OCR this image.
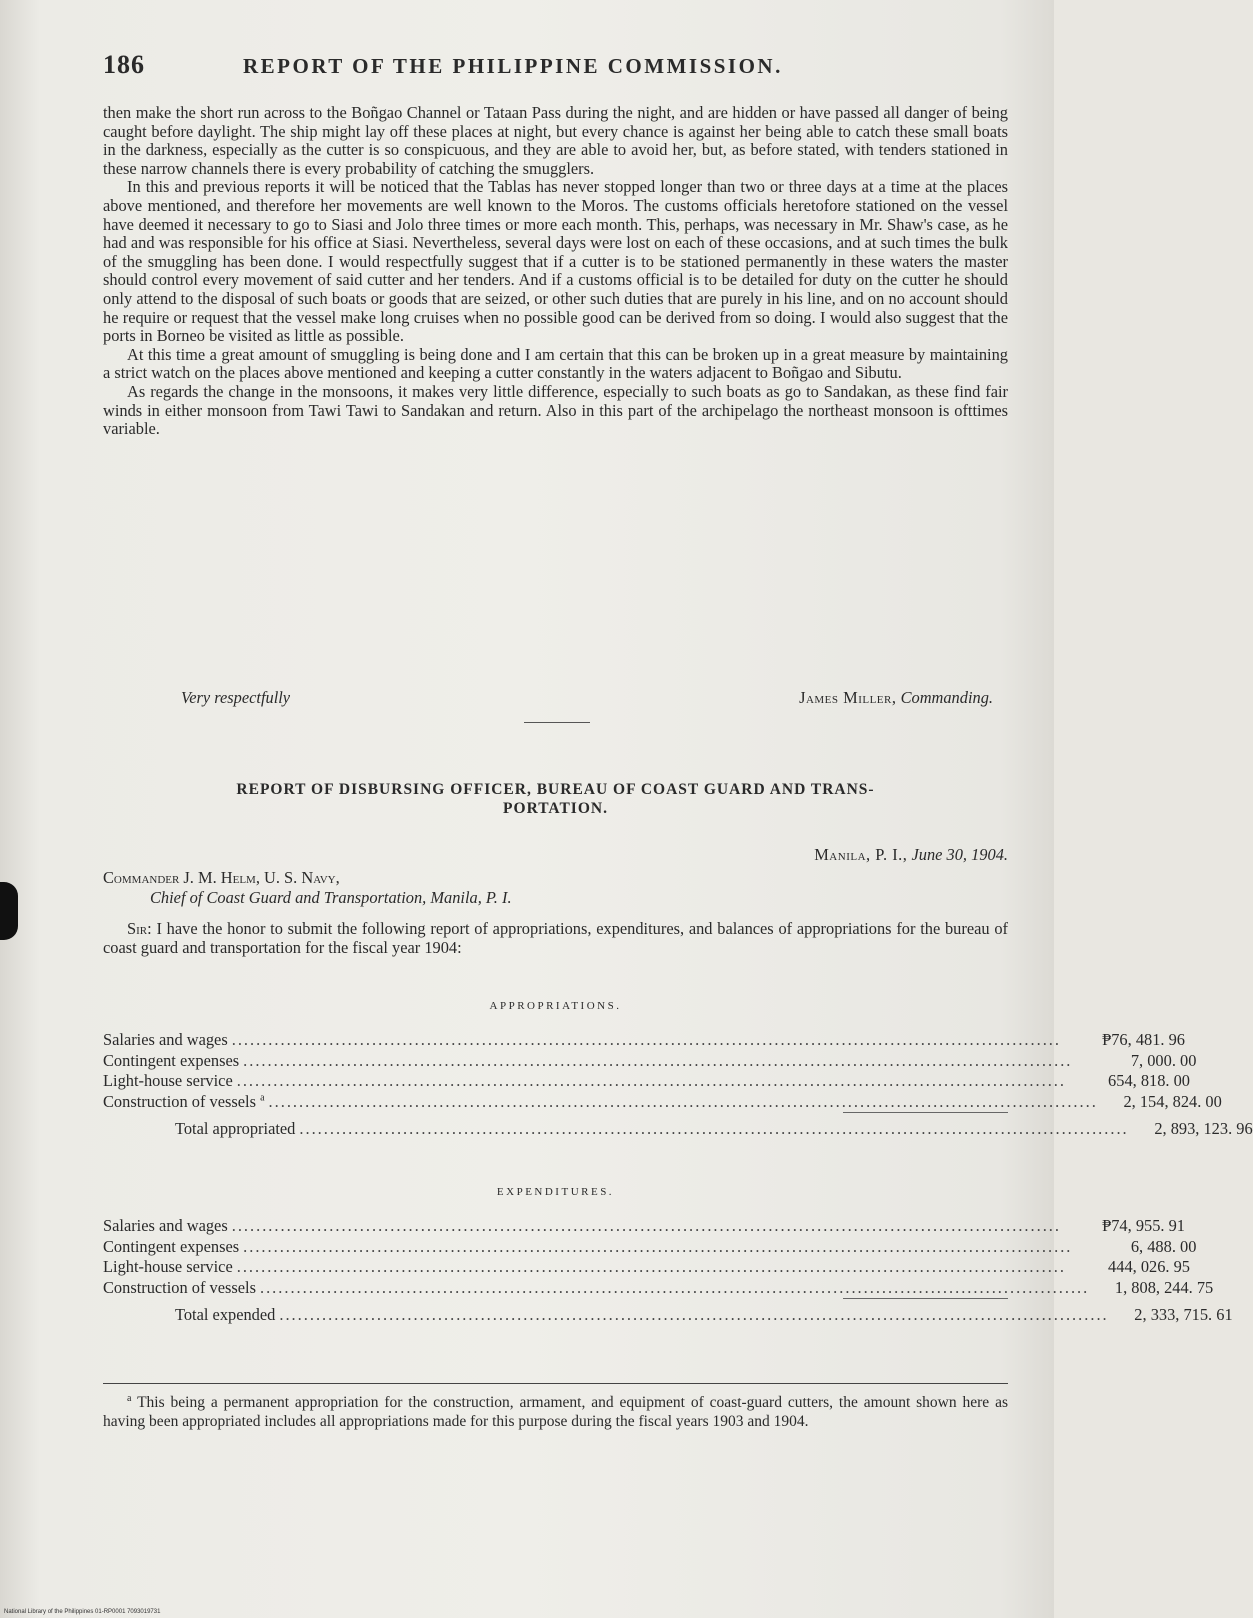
186	REPORT OF THE PHILIPPINE COMMISSION.

then make the short run across to the Boñgao Channel or Tataan Pass during the night, and are hidden or have passed all danger of being caught before daylight. The ship might lay off these places at night, but every chance is against her being able to catch these small boats in the darkness, especially as the cutter is so conspicuous, and they are able to avoid her, but, as before stated, with tenders stationed in these narrow channels there is every probability of catching the smugglers.

In this and previous reports it will be noticed that the Tablas has never stopped longer than two or three days at a time at the places above mentioned, and therefore her movements are well known to the Moros. The customs officials heretofore stationed on the vessel have deemed it necessary to go to Siasi and Jolo three times or more each month. This, perhaps, was necessary in Mr. Shaw's case, as he had and was responsible for his office at Siasi. Nevertheless, several days were lost on each of these occasions, and at such times the bulk of the smuggling has been done. I would respectfully suggest that if a cutter is to be stationed permanently in these waters the master should control every movement of said cutter and her tenders. And if a customs official is to be detailed for duty on the cutter he should only attend to the disposal of such boats or goods that are seized, or other such duties that are purely in his line, and on no account should he require or request that the vessel make long cruises when no possible good can be derived from so doing. I would also suggest that the ports in Borneo be visited as little as possible.

At this time a great amount of smuggling is being done and I am certain that this can be broken up in a great measure by maintaining a strict watch on the places above mentioned and keeping a cutter constantly in the waters adjacent to Boñgao and Sibutu.

As regards the change in the monsoons, it makes very little difference, especially to such boats as go to Sandakan, as these find fair winds in either monsoon from Tawi Tawi to Sandakan and return. Also in this part of the archipelago the northeast monsoon is ofttimes variable.

Very respectfully	James Miller, Commanding.
REPORT OF DISBURSING OFFICER, BUREAU OF COAST GUARD AND TRANS-
PORTATION.
Manila, P. I., June 30, 1904.
Commander J. M. Helm, U. S. Navy,
Chief of Coast Guard and Transportation, Manila, P. I.
Sir: I have the honor to submit the following report of appropriations, expenditures, and balances of appropriations for the bureau of coast guard and transportation for the fiscal year 1904:
APPROPRIATIONS.
Salaries and wages ........................................................................................................................................	₱76, 481. 96
Contingent expenses ........................................................................................................................................	7, 000. 00
Light-house service ........................................................................................................................................	654, 818. 00
Construction of vessels $^a$ ........................................................................................................................................	2, 154, 824. 00
Total appropriated ........................................................................................................................................	2, 893, 123. 96
EXPENDITURES.
Salaries and wages ........................................................................................................................................	₱74, 955. 91
Contingent expenses ........................................................................................................................................	6, 488. 00
Light-house service ........................................................................................................................................	444, 026. 95
Construction of vessels ........................................................................................................................................	1, 808, 244. 75
Total expended ........................................................................................................................................	2, 333, 715. 61
$^a$ This being a permanent appropriation for the construction, armament, and equipment of coast-guard cutters, the amount shown here as having been appropriated includes all appropriations made for this purpose during the fiscal years 1903 and 1904.
National Library of the Philippines 01-RP0001 7093019731
